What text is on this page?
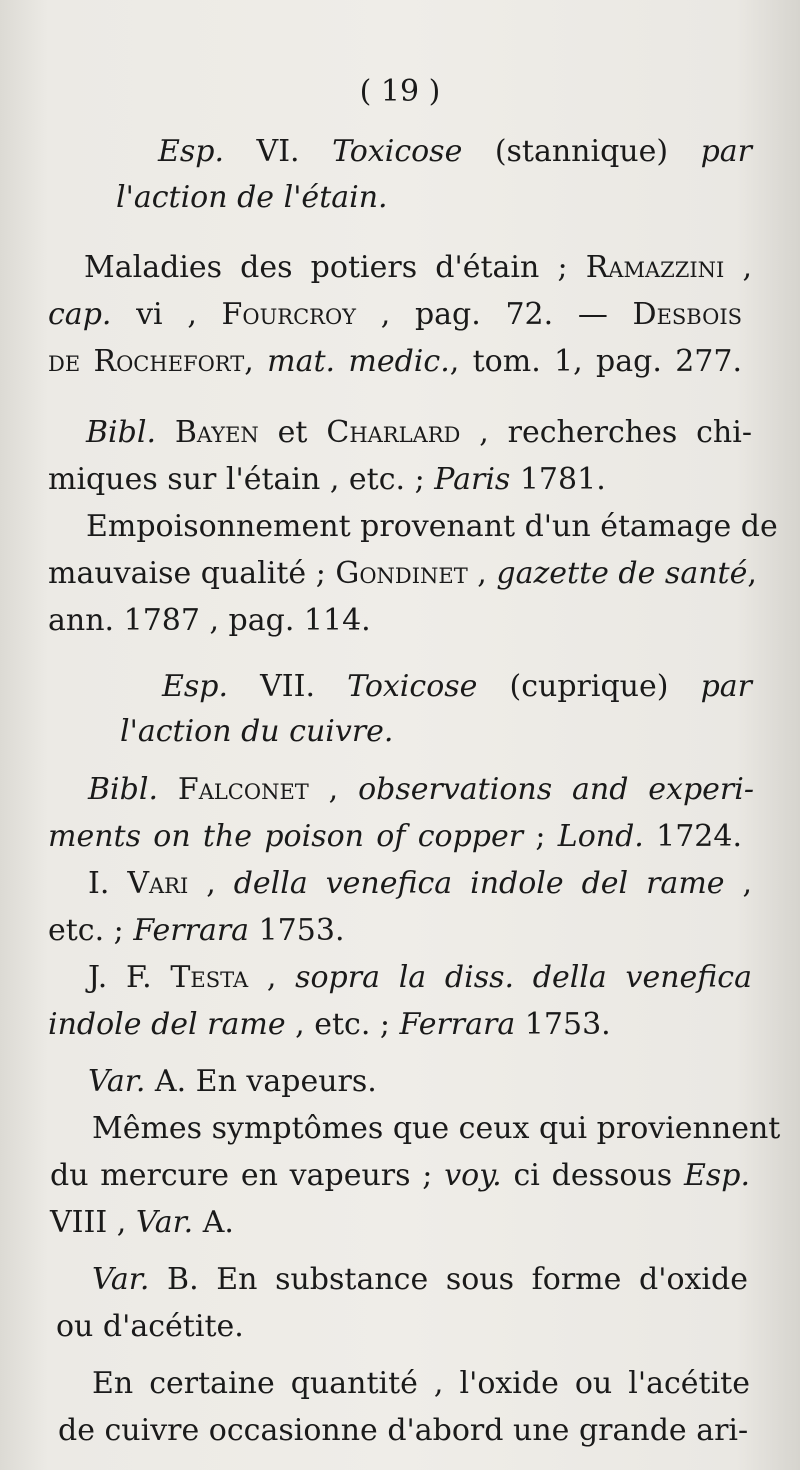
( 19 )
Esp. VI. Toxicose (stannique) par
l'action de l'étain.
Maladies des potiers d'étain ; Ramazzini ,
cap. vi , Fourcroy , pag. 72. — Desbois
de Rochefort, mat. medic., tom. 1, pag. 277.
Bibl. Bayen et Charlard , recherches chi-
miques sur l'étain , etc. ; Paris 1781.
Empoisonnement provenant d'un étamage de
mauvaise qualité ; Gondinet , gazette de santé,
ann. 1787 , pag. 114.
Esp. VII. Toxicose (cuprique) par
l'action du cuivre.
Bibl. Falconet , observations and experi-
ments on the poison of copper ; Lond. 1724.
I. Vari , della venefica indole del rame ,
etc. ; Ferrara 1753.
J. F. Testa , sopra la diss. della venefica
indole del rame , etc. ; Ferrara 1753.
Var. A. En vapeurs.
Mêmes symptômes que ceux qui proviennent
du mercure en vapeurs ; voy. ci dessous Esp.
VIII , Var. A.
Var. B. En substance sous forme d'oxide
ou d'acétite.
En certaine quantité , l'oxide ou l'acétite
de cuivre occasionne d'abord une grande ari-
